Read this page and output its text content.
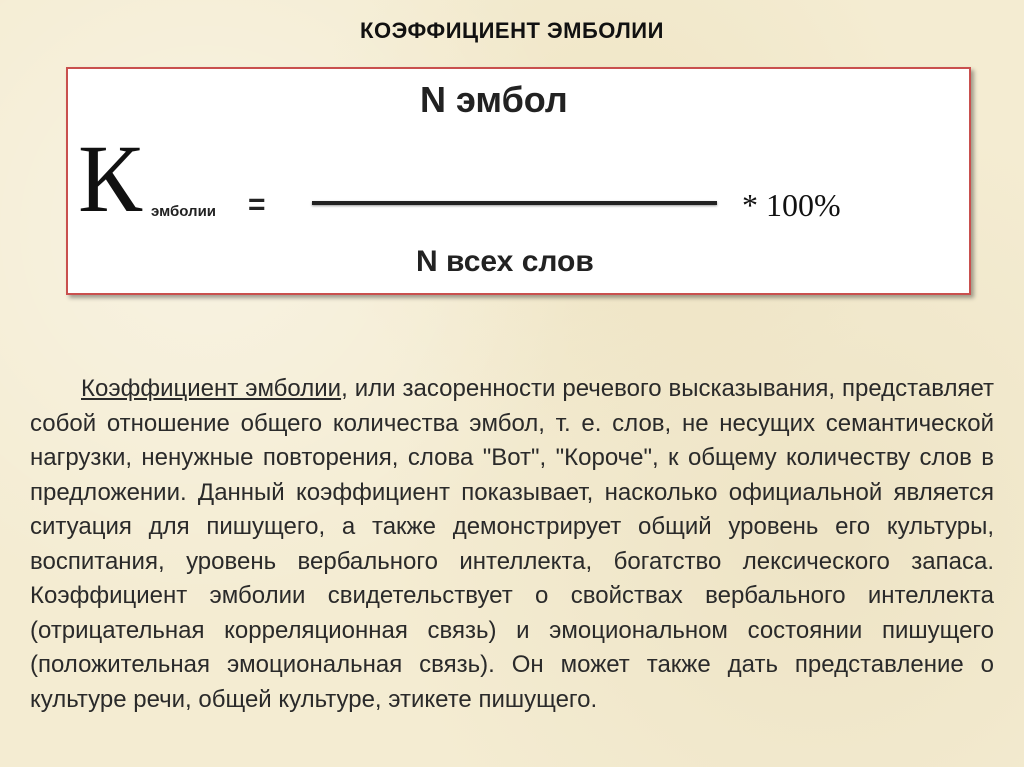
КОЭФФИЦИЕНТ ЭМБОЛИИ
N эмбол
К эмболии =	* 100%
N всех слов

Коэффициент эмболии, или засоренности речевого высказывания, представляет собой отношение общего количества эмбол, т. е. слов, не несущих семантической нагрузки, ненужные повторения, слова "Вот", "Короче", к общему количеству слов в предложении. Данный коэффициент показывает, насколько официальной является ситуация для пишущего, а также демонстрирует общий уровень его культуры, воспитания, уровень вербального интеллекта, богатство лексического запаса. Коэффициент эмболии свидетельствует о свойствах вербального интеллекта (отрицательная корреляционная связь) и эмоциональном состоянии пишущего (положительная эмоциональная связь). Он может также дать представление о культуре речи, общей культуре, этикете пишущего.
